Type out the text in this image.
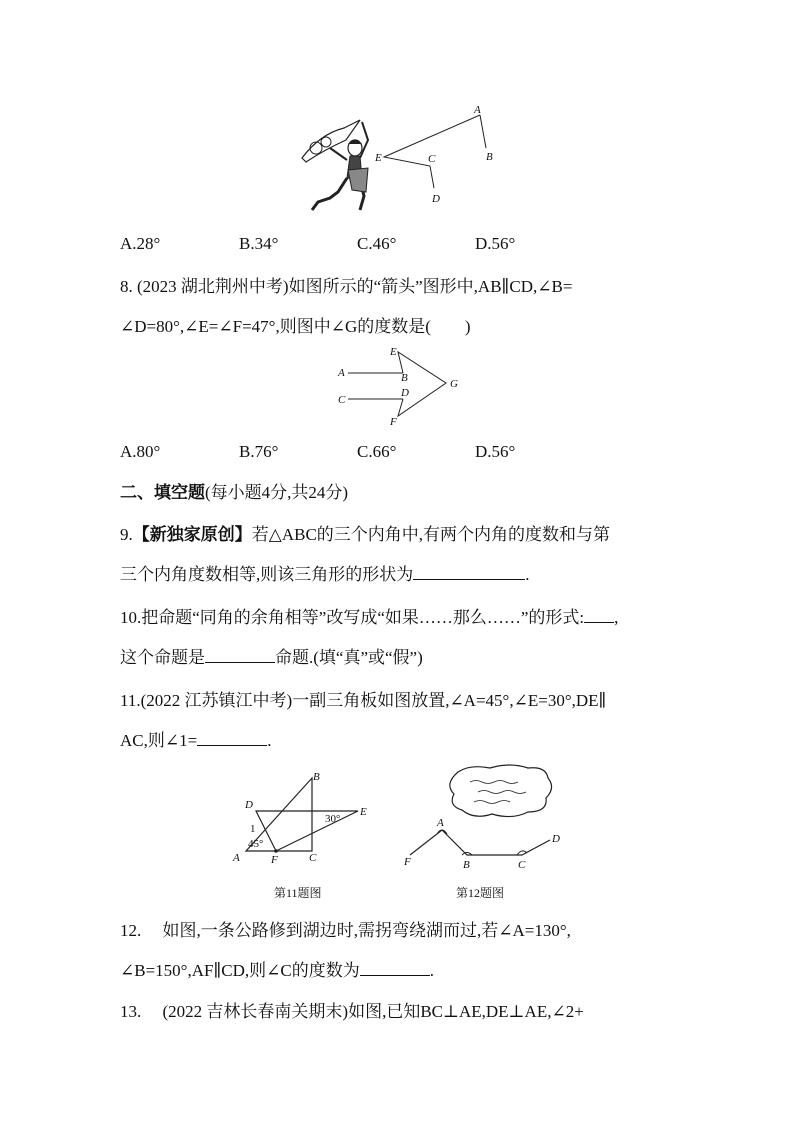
A
B
C
D
E
A.28°	B.34°	C.46°	D.56°
8. (2023 湖北荆州中考)如图所示的“箭头”图形中,AB∥CD,∠B=
∠D=80°,∠E=∠F=47°,则图中∠G的度数是(　　)
A	B
C
D
E
F
G
A.80°	B.76°	C.66°	D.56°
二、填空题(每小题4分,共24分)
9.【新独家原创】若△ABC的三个内角中,有两个内角的度数和与第
三个内角度数相等,则该三角形的形状为	.
10.把命题“同角的余角相等”改写成“如果……那么……”的形式: ,
这个命题是	命题.(填“真”或“假”)
11.(2022 江苏镇江中考)一副三角板如图放置,∠A=45°,∠E=30°,DE∥
AC,则∠1=	.
A
B
C
D
E
F
1
45°
30°
第11题图
A
B	C
D
F
第12题图
12.　 如图,一条公路修到湖边时,需拐弯绕湖而过,若∠A=130°,
∠B=150°,AF∥CD,则∠C的度数为	.
13.　 (2022 吉林长春南关期末)如图,已知BC⊥AE,DE⊥AE,∠2+
